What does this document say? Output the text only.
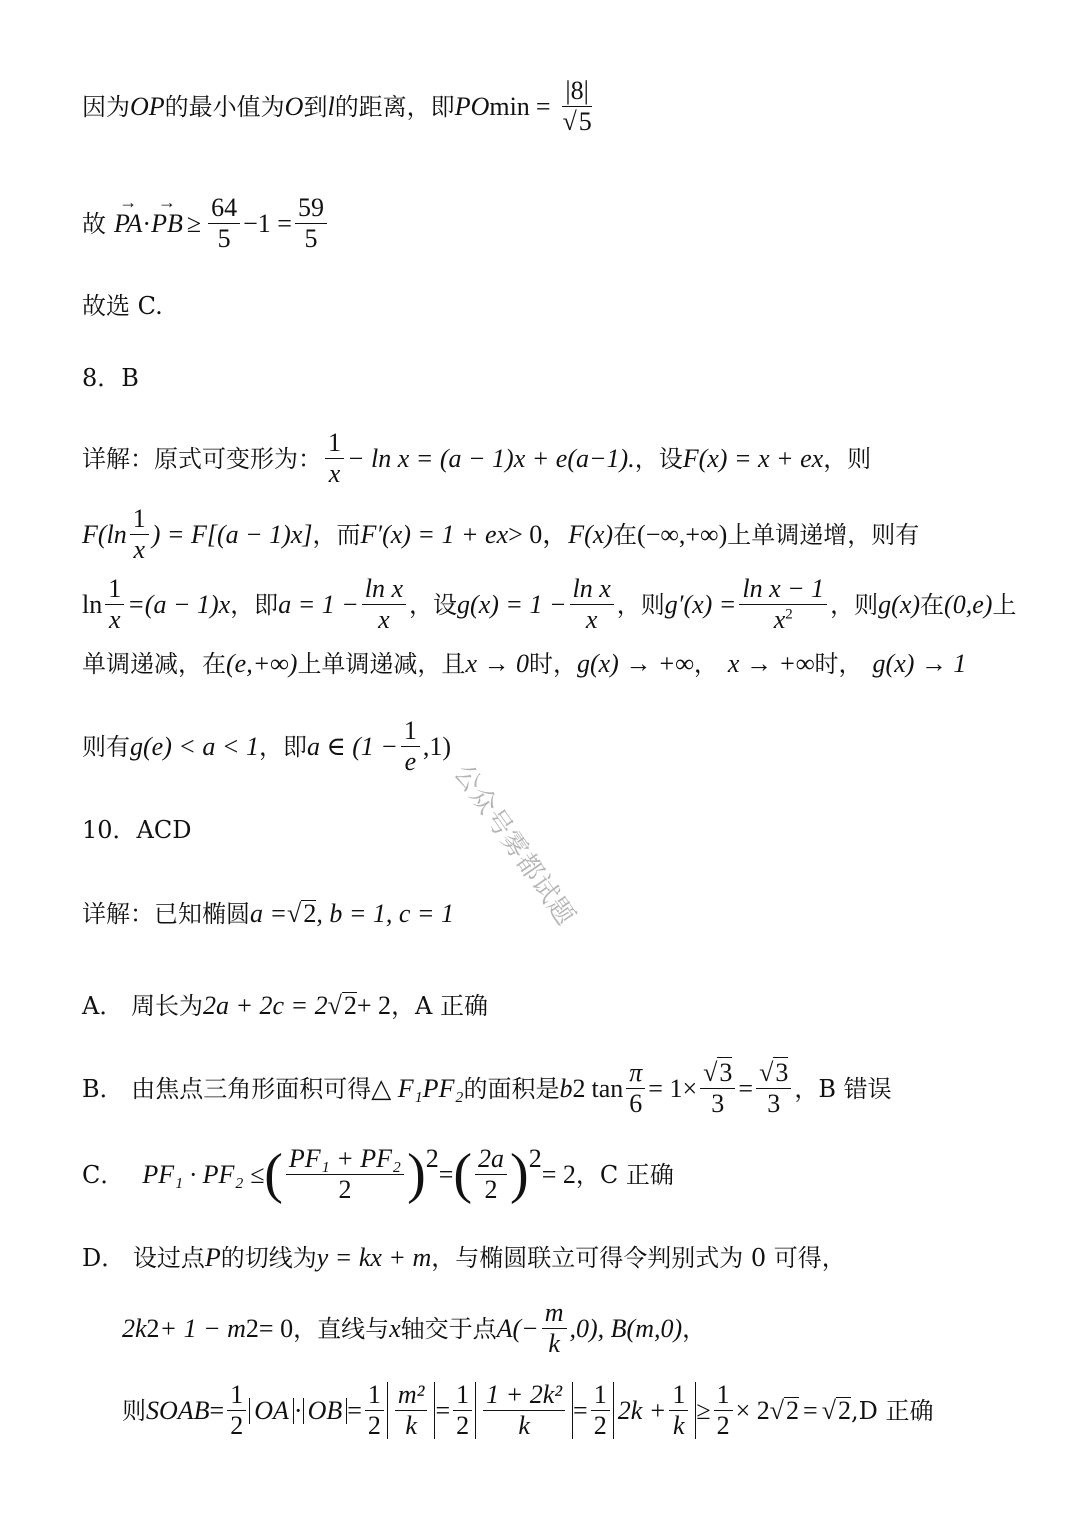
公众号雾都试题
因为 OP 的最小值为 O 到 l 的距离，即 PO $\min = \frac{|8|}{√5}$
故 → PA · → PB ≥ $\frac{64}{5} -1 = \frac{59}{5}$
故选 C.
8．B
详解：原式可变形为： $\frac{1}{x} - \ln x = (a - 1)x + e$ (a−1). ，设 F(x) = x + e x ，则
$F(\ln \frac{1}{x}$ ) = F[(a − 1)x] ，而 F′(x) = 1 + e x > 0， F(x) 在 (−∞,+∞) 上单调递增，则有
$\ln \frac{1}{x} =(a - 1)x$ ，即 $a = 1 - \frac{\text{ln x}}{x}$ ，设 $g(x) = 1 - \frac{\text{ln x}}{x}$ ，则 $g'(x) = \frac{\text{ln x − 1}}{x^2}$ ，则 g(x) 在 (0,e) 上
单调递减，在 (e,+∞) 上单调递减，且 x → 0 时， g(x) → +∞ ， x → +∞ 时， g(x) → 1
则有 g(e) < a < 1 ，即 a ∈ $(1 - \frac{1}{e} ,1)$
10．ACD
详解：已知椭圆 a = √ 2 , b = 1, c = 1
A． 周长为 2a + 2c = 2 √ 2 + 2 ，A 正确
B． 由焦点三角形面积可得 △ F₁PF₂ 的面积是 b 2 $\tan \frac{\pi}{6} = 1\times \frac{√3}{3} = \frac{√3}{3}$ ，B 错误
C． PF₁ · PF₂ ≤ ( $\frac{\text{PF₁ + PF₂}}{2}$ ) 2
= ( $\frac{2a}{2}$ ) 2
= 2 ，C 正确
D． 设过点 P 的切线为 y = kx + m ，与椭圆联立可得令判别式为 0 可得，
2k 2 + 1 − m 2 = 0 ，直线与 x 轴交于点 $A(- \frac{m}{k} ,0)$, B(m,0) ，
则 S OAB = $\frac{1}{2}$ OA · OB = $\frac{1}{2} \frac{\text{m²}}{k} = \frac{1}{2} \frac{\text{1 + 2k²}}{k} = \frac{1}{2} 2k + \frac{1}{k} \ge \frac{1}{2} \times 2$ √ 2 = √ 2 ,D 正确
